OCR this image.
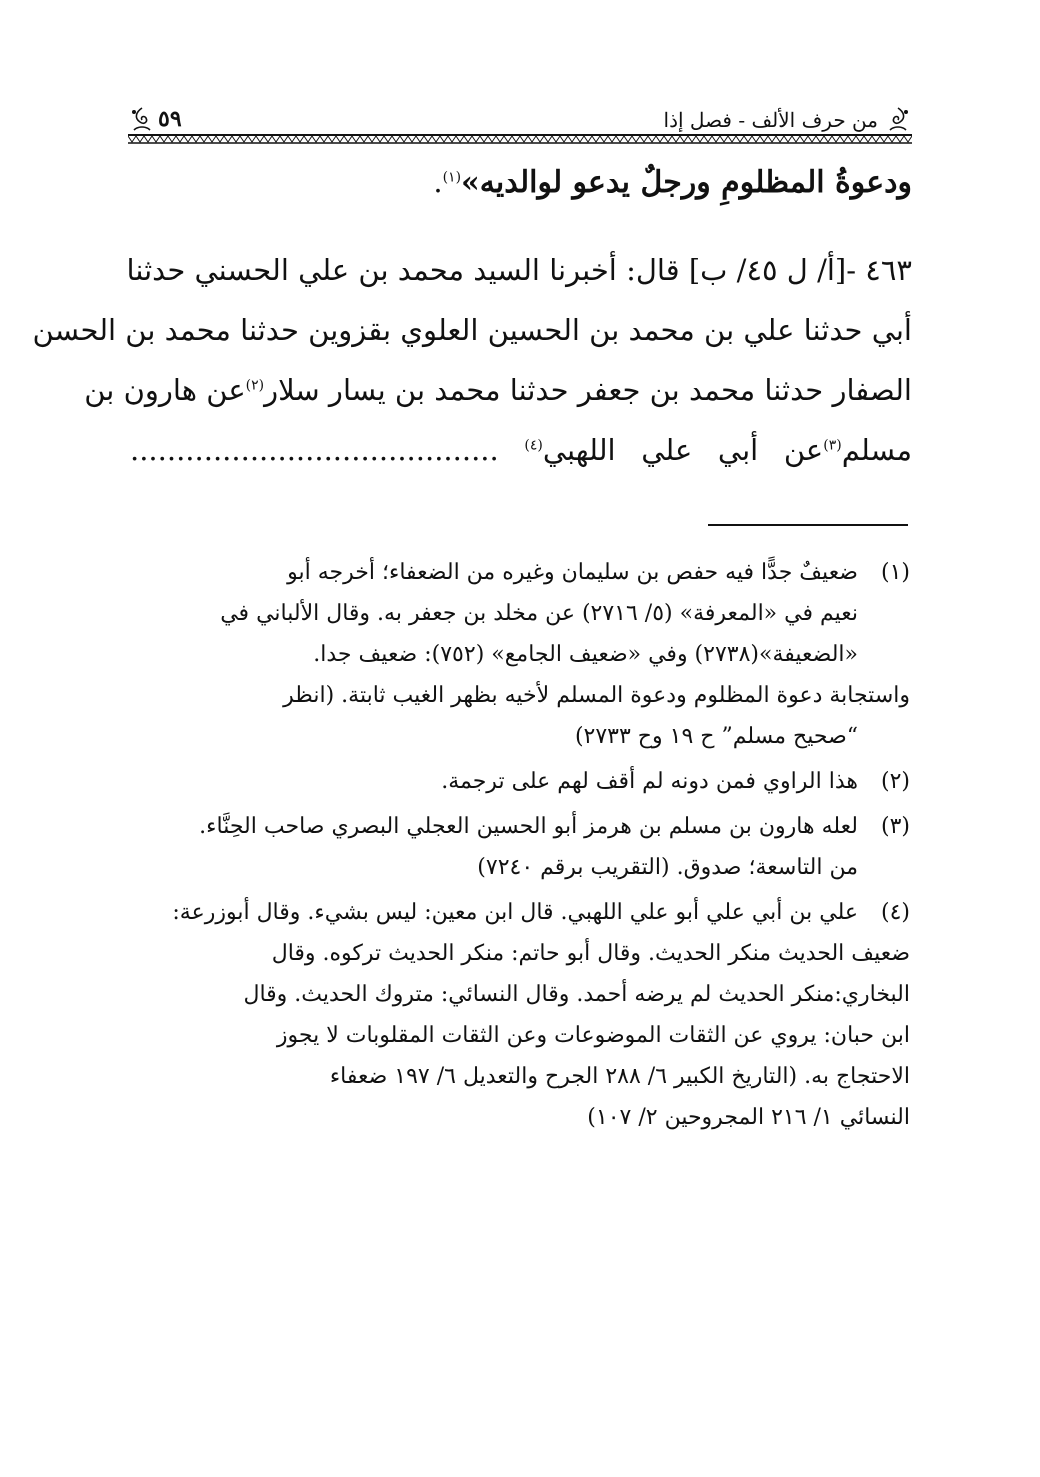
من حرف الألف - فصل إذا
٥٩
ودعوةُ المظلومِ ورجلٌ يدعو لوالديه»$^{(١)}$.
٤٦٣ -[أ/ ل ٤٥/ ب] قال: أخبرنا السيد محمد بن علي الحسني حدثنا
أبي حدثنا علي بن محمد بن الحسين العلوي بقزوين حدثنا محمد بن الحسن
الصفار حدثنا محمد بن جعفر حدثنا محمد بن يسار سلار$^{(٢)}$عن هارون بن
مسلم$^{(٣)}$عن أبي علي اللهبي$^{(٤)}$ ........................................
(١)
ضعيفٌ جدًّا فيه حفص بن سليمان وغيره من الضعفاء؛ أخرجه أبو
نعيم في «المعرفة» (٥/ ٢٧١٦) عن مخلد بن جعفر به. وقال الألباني في
«الضعيفة»(٢٧٣٨) وفي «ضعيف الجامع» (٧٥٢): ضعيف جدا.
واستجابة دعوة المظلوم ودعوة المسلم لأخيه بظهر الغيب ثابتة. (انظر
“صحيح مسلم” ح ١٩ وح ٢٧٣٣)
(٢)
هذا الراوي فمن دونه لم أقف لهم على ترجمة.
(٣)
لعله هارون بن مسلم بن هرمز أبو الحسين العجلي البصري صاحب الحِنَّاء.
من التاسعة؛ صدوق. (التقريب برقم ٧٢٤٠)
(٤)
علي بن أبي علي أبو علي اللهبي. قال ابن معين: ليس بشيء. وقال أبوزرعة:
ضعيف الحديث منكر الحديث. وقال أبو حاتم: منكر الحديث تركوه. وقال
البخاري:منكر الحديث لم يرضه أحمد. وقال النسائي: متروك الحديث. وقال
ابن حبان: يروي عن الثقات الموضوعات وعن الثقات المقلوبات لا يجوز
الاحتجاج به. (التاريخ الكبير ٦/ ٢٨٨ الجرح والتعديل ٦/ ١٩٧ ضعفاء
النسائي ١/ ٢١٦ المجروحين ٢/ ١٠٧)
